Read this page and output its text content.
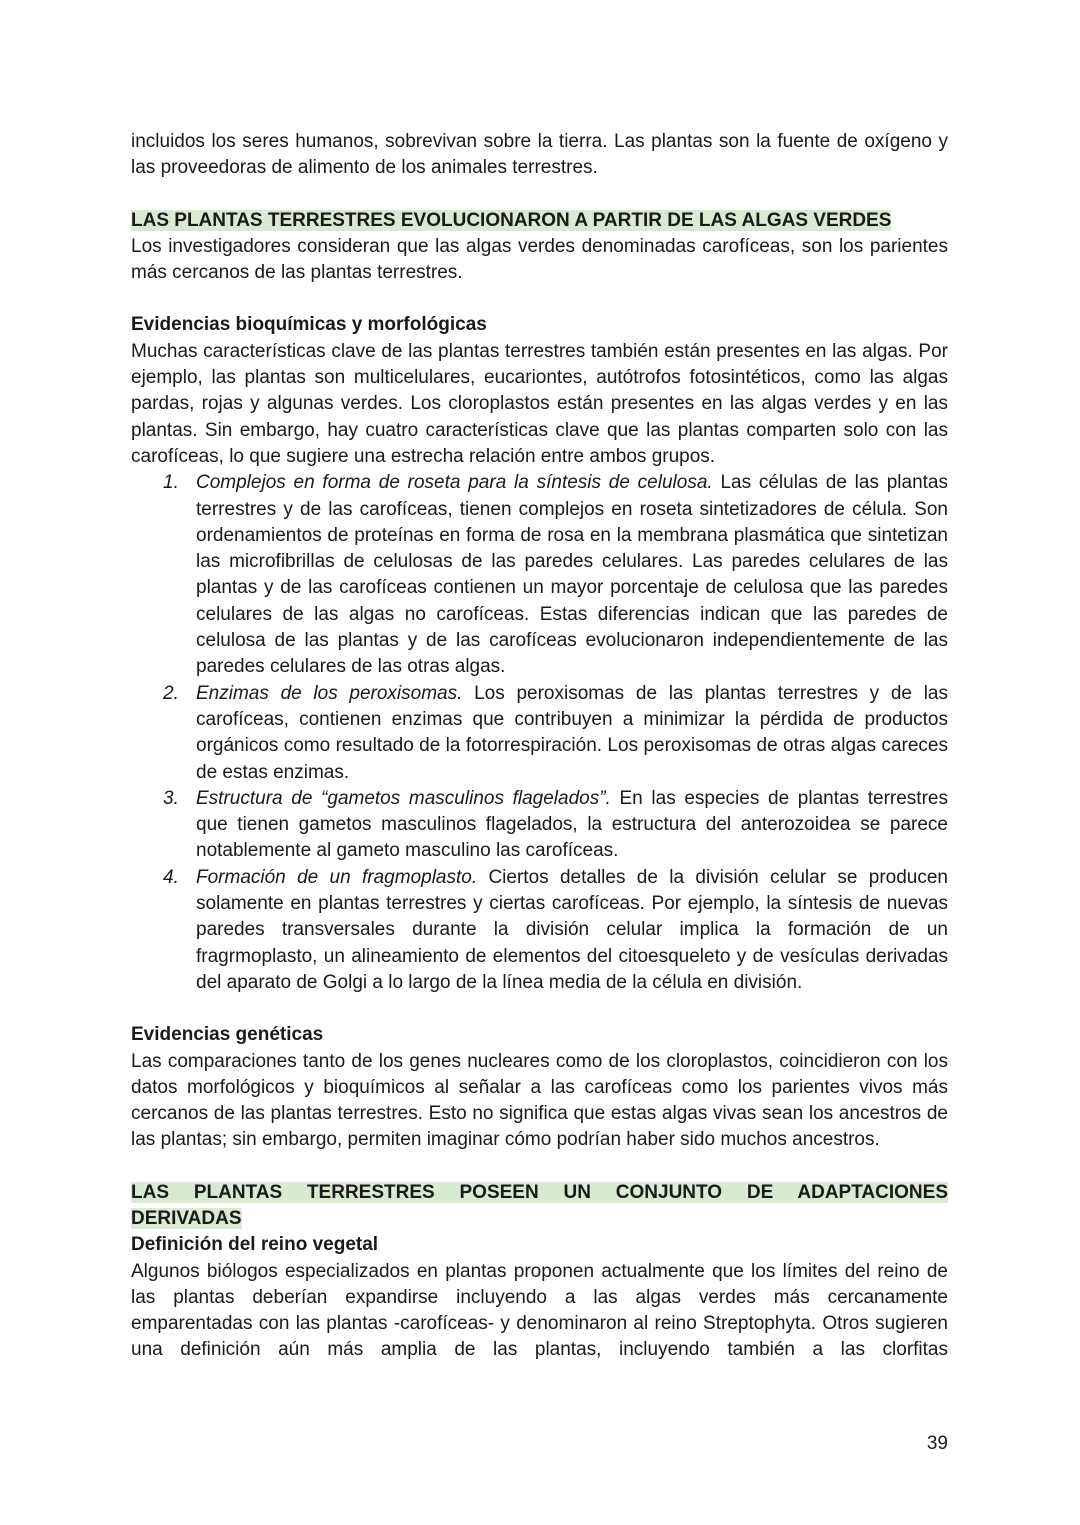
incluidos los seres humanos, sobrevivan sobre la tierra. Las plantas son la fuente de oxígeno y las proveedoras de alimento de los animales terrestres.

LAS PLANTAS TERRESTRES EVOLUCIONARON A PARTIR DE LAS ALGAS VERDES

Los investigadores consideran que las algas verdes denominadas carofíceas, son los parientes más cercanos de las plantas terrestres.

Evidencias bioquímicas y morfológicas

Muchas características clave de las plantas terrestres también están presentes en las algas. Por ejemplo, las plantas son multicelulares, eucariontes, autótrofos fotosintéticos, como las algas pardas, rojas y algunas verdes. Los cloroplastos están presentes en las algas verdes y en las plantas. Sin embargo, hay cuatro características clave que las plantas comparten solo con las carofíceas, lo que sugiere una estrecha relación entre ambos grupos.

1. Complejos en forma de roseta para la síntesis de celulosa. Las células de las plantas terrestres y de las carofíceas, tienen complejos en roseta sintetizadores de célula. Son ordenamientos de proteínas en forma de rosa en la membrana plasmática que sintetizan las microfibrillas de celulosas de las paredes celulares. Las paredes celulares de las plantas y de las carofíceas contienen un mayor porcentaje de celulosa que las paredes celulares de las algas no carofíceas. Estas diferencias indican que las paredes de celulosa de las plantas y de las carofíceas evolucionaron independientemente de las paredes celulares de las otras algas.
2. Enzimas de los peroxisomas. Los peroxisomas de las plantas terrestres y de las carofíceas, contienen enzimas que contribuyen a minimizar la pérdida de productos orgánicos como resultado de la fotorrespiración. Los peroxisomas de otras algas careces de estas enzimas.
3. Estructura de “gametos masculinos flagelados”. En las especies de plantas terrestres que tienen gametos masculinos flagelados, la estructura del anterozoidea se parece notablemente al gameto masculino las carofíceas.
4. Formación de un fragmoplasto. Ciertos detalles de la división celular se producen solamente en plantas terrestres y ciertas carofíceas. Por ejemplo, la síntesis de nuevas paredes transversales durante la división celular implica la formación de un fragrmoplasto, un alineamiento de elementos del citoesqueleto y de vesículas derivadas del aparato de Golgi a lo largo de la línea media de la célula en división.

Evidencias genéticas

Las comparaciones tanto de los genes nucleares como de los cloroplastos, coincidieron con los datos morfológicos y bioquímicos al señalar a las carofíceas como los parientes vivos más cercanos de las plantas terrestres. Esto no significa que estas algas vivas sean los ancestros de las plantas; sin embargo, permiten imaginar cómo podrían haber sido muchos ancestros.

LAS PLANTAS TERRESTRES POSEEN UN CONJUNTO DE ADAPTACIONES

DERIVADAS

Definición del reino vegetal

Algunos biólogos especializados en plantas proponen actualmente que los límites del reino de las plantas deberían expandirse incluyendo a las algas verdes más cercanamente emparentadas con las plantas -carofíceas- y denominaron al reino Streptophyta. Otros sugieren una definición aún más amplia de las plantas, incluyendo también a las clorfitas

39
